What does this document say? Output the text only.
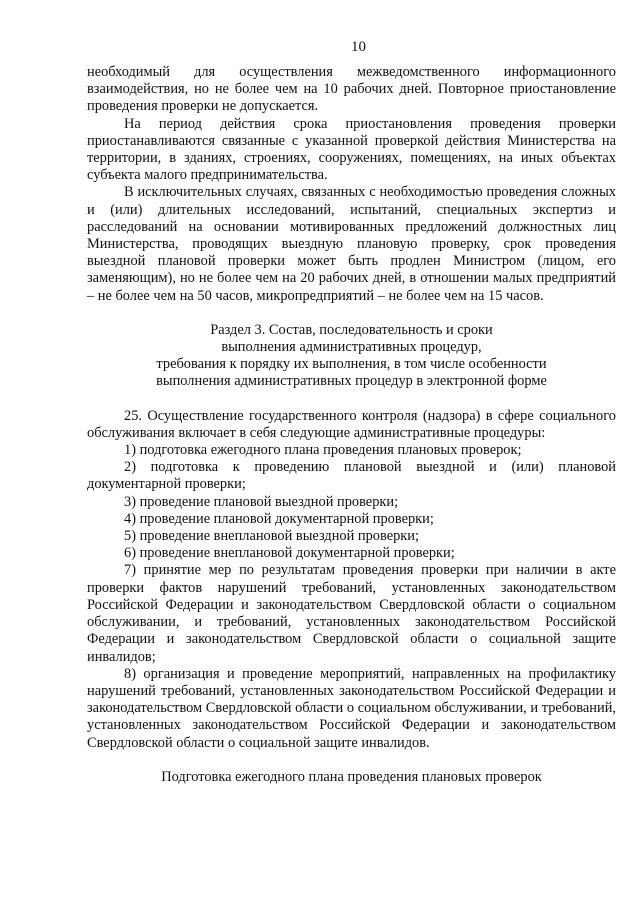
10

необходимый для осуществления межведомственного информационного взаимодействия, но не более чем на 10 рабочих дней. Повторное приостановление проведения проверки не допускается.

На период действия срока приостановления проведения проверки приостанавливаются связанные с указанной проверкой действия Министерства на территории, в зданиях, строениях, сооружениях, помещениях, на иных объектах субъекта малого предпринимательства.

В исключительных случаях, связанных с необходимостью проведения сложных и (или) длительных исследований, испытаний, специальных экспертиз и расследований на основании мотивированных предложений должностных лиц Министерства, проводящих выездную плановую проверку, срок проведения выездной плановой проверки может быть продлен Министром (лицом, его заменяющим), но не более чем на 20 рабочих дней, в отношении малых предприятий – не более чем на 50 часов, микропредприятий – не более чем на 15 часов.

Раздел 3. Состав, последовательность и сроки

выполнения административных процедур,

требования к порядку их выполнения, в том числе особенности

выполнения административных процедур в электронной форме

25. Осуществление государственного контроля (надзора) в сфере социального обслуживания включает в себя следующие административные процедуры:

1) подготовка ежегодного плана проведения плановых проверок;

2) подготовка к проведению плановой выездной и (или) плановой документарной проверки;

3) проведение плановой выездной проверки;

4) проведение плановой документарной проверки;

5) проведение внеплановой выездной проверки;

6) проведение внеплановой документарной проверки;

7) принятие мер по результатам проведения проверки при наличии в акте проверки фактов нарушений требований, установленных законодательством Российской Федерации и законодательством Свердловской области о социальном обслуживании, и требований, установленных законодательством Российской Федерации и законодательством Свердловской области о социальной защите инвалидов;

8) организация и проведение мероприятий, направленных на профилактику нарушений требований, установленных законодательством Российской Федерации и законодательством Свердловской области о социальном обслуживании, и требований, установленных законодательством Российской Федерации и законодательством Свердловской области о социальной защите инвалидов.

Подготовка ежегодного плана проведения плановых проверок
